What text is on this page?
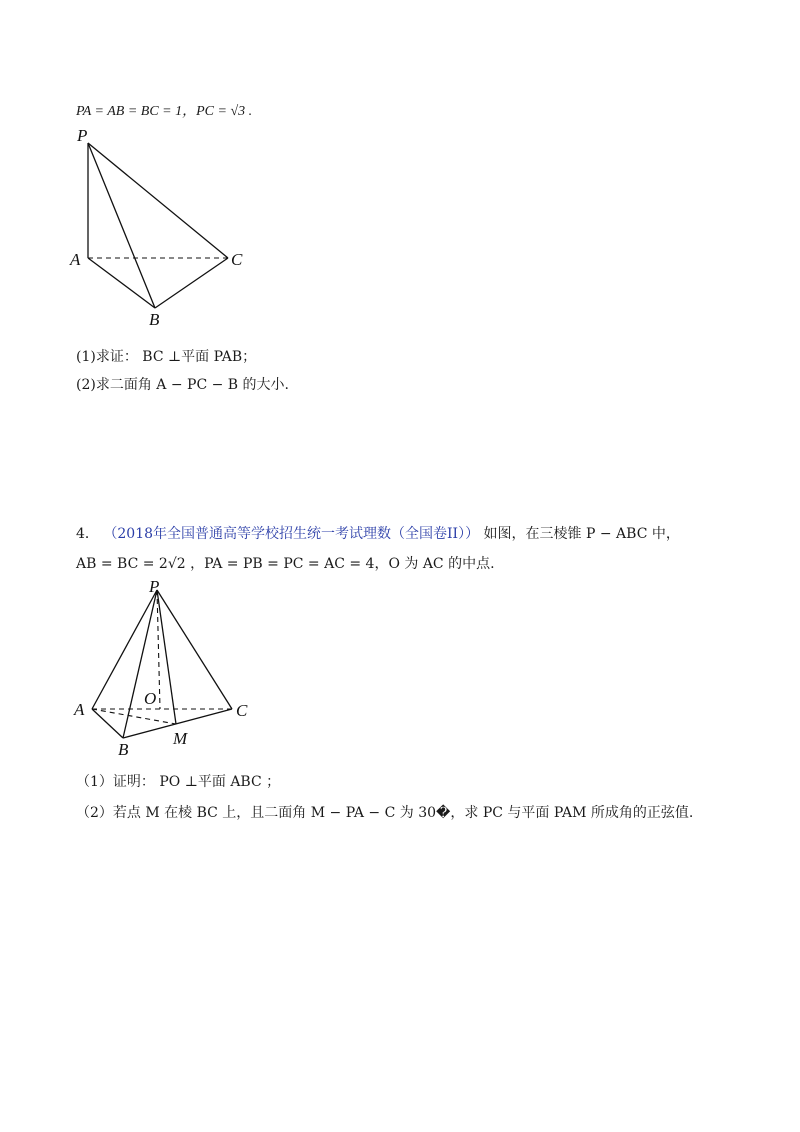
PA = AB = BC = 1，PC = √3 .
P
A
B
C
P
A
B
C
O
M
(1)求证： BC ⊥平面 PAB；
(2)求二面角 A − PC − B 的大小.
4． （2018年全国普通高等学校招生统一考试理数（全国卷II）） 如图，在三棱锥 P − ABC 中，
AB = BC = 2√2 ，PA = PB = PC = AC = 4，O 为 AC 的中点.
（1）证明： PO ⊥平面 ABC ；
（2）若点 M 在棱 BC 上，且二面角 M − PA − C 为 30�，求 PC 与平面 PAM 所成角的正弦值.
